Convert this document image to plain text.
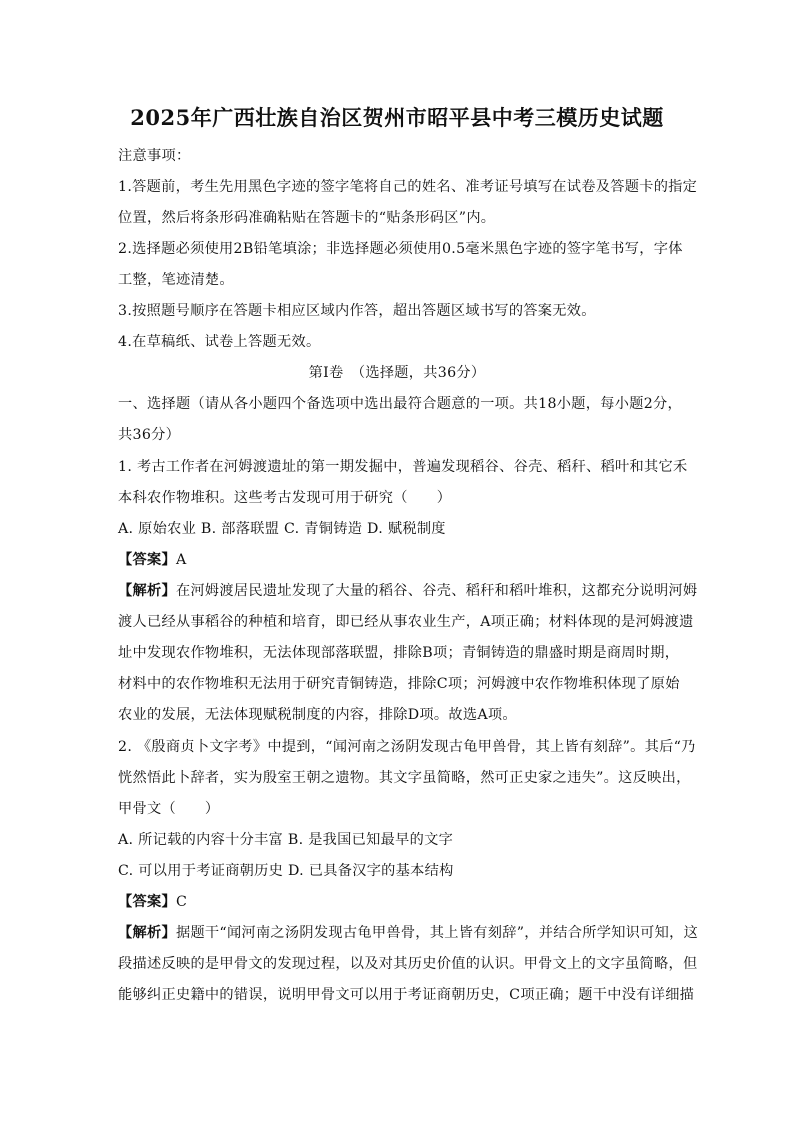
2025年广西壮族自治区贺州市昭平县中考三模历史试题
注意事项：
1.答题前，考生先用黑色字迹的签字笔将自己的姓名、准考证号填写在试卷及答题卡的指定
位置，然后将条形码准确粘贴在答题卡的“贴条形码区”内。
2.选择题必须使用2B铅笔填涂；非选择题必须使用0.5毫米黑色字迹的签字笔书写，字体
工整，笔迹清楚。
3.按照题号顺序在答题卡相应区域内作答，超出答题区域书写的答案无效。
4.在草稿纸、试卷上答题无效。
第Ⅰ卷　（选择题，共36分）
一、选择题（请从各小题四个备选项中选出最符合题意的一项。共18小题，每小题2分，
共36分）
1. 考古工作者在河姆渡遗址的第一期发掘中，普遍发现稻谷、谷壳、稻秆、稻叶和其它禾
本科农作物堆积。这些考古发现可用于研究（　　）
A. 原始农业 B. 部落联盟 C. 青铜铸造 D. 赋税制度
【答案】A
【解析】在河姆渡居民遗址发现了大量的稻谷、谷壳、稻秆和稻叶堆积，这都充分说明河姆
渡人已经从事稻谷的种植和培育，即已经从事农业生产，A项正确；材料体现的是河姆渡遗
址中发现农作物堆积，无法体现部落联盟，排除B项；青铜铸造的鼎盛时期是商周时期，
材料中的农作物堆积无法用于研究青铜铸造，排除C项；河姆渡中农作物堆积体现了原始
农业的发展，无法体现赋税制度的内容，排除D项。故选A项。
2. 《殷商贞卜文字考》中提到，“闻河南之汤阴发现古龟甲兽骨，其上皆有刻辞”。其后“乃
恍然悟此卜辞者，实为殷室王朝之遗物。其文字虽简略，然可正史家之违失”。这反映出，
甲骨文（　　）
A. 所记载的内容十分丰富 B. 是我国已知最早的文字
C. 可以用于考证商朝历史 D. 已具备汉字的基本结构
【答案】C
【解析】据题干“闻河南之汤阴发现古龟甲兽骨，其上皆有刻辞”，并结合所学知识可知，这
段描述反映的是甲骨文的发现过程，以及对其历史价值的认识。甲骨文上的文字虽简略，但
能够纠正史籍中的错误，说明甲骨文可以用于考证商朝历史，C项正确；题干中没有详细描
